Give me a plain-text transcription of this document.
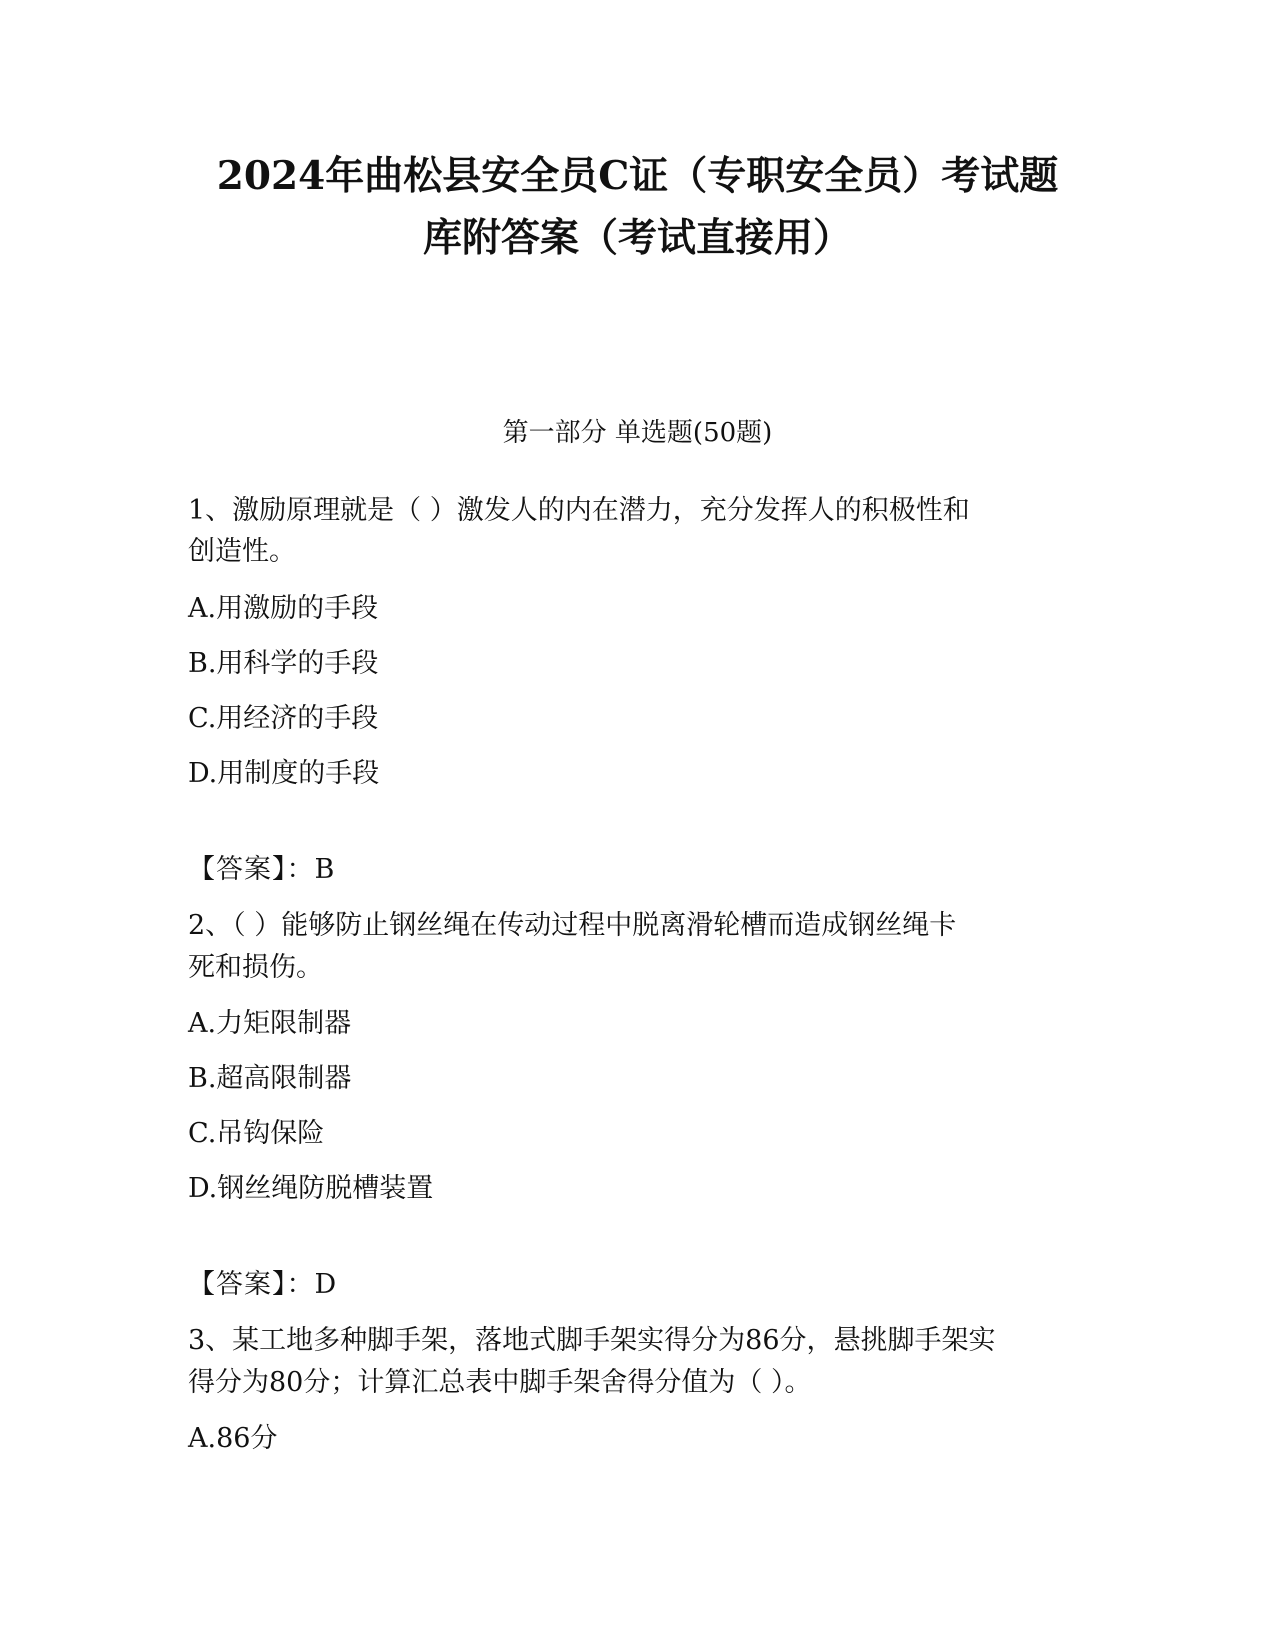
2024年曲松县安全员C证（专职安全员）考试题
库附答案（考试直接用）
第一部分 单选题(50题)
1、激励原理就是（ ）激发人的内在潜力，充分发挥人的积极性和
创造性。
A.用激励的手段
B.用科学的手段
C.用经济的手段
D.用制度的手段
【答案】：B
2、（ ）能够防止钢丝绳在传动过程中脱离滑轮槽而造成钢丝绳卡
死和损伤。
A.力矩限制器
B.超高限制器
C.吊钩保险
D.钢丝绳防脱槽装置
【答案】：D
3、某工地多种脚手架，落地式脚手架实得分为86分，悬挑脚手架实
得分为80分；计算汇总表中脚手架舍得分值为（ ）。
A.86分
